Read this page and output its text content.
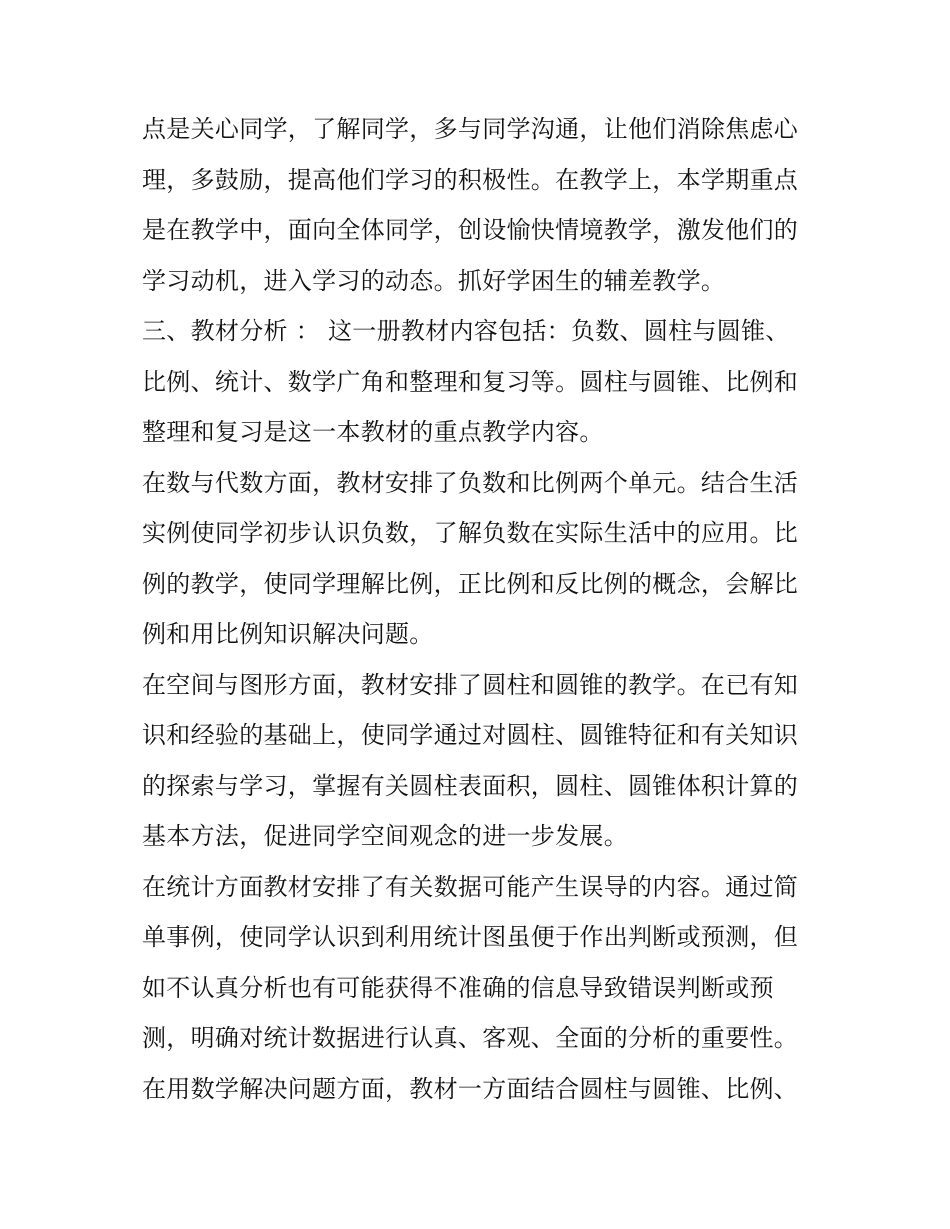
点是关心同学，了解同学，多与同学沟通，让他们消除焦虑心
理，多鼓励，提高他们学习的积极性。在教学上，本学期重点
是在教学中，面向全体同学，创设愉快情境教学，激发他们的
学习动机，进入学习的动态。抓好学困生的辅差教学。
三、教材分析 ： 这一册教材内容包括：负数、圆柱与圆锥、
比例、统计、数学广角和整理和复习等。圆柱与圆锥、比例和
整理和复习是这一本教材的重点教学内容。
在数与代数方面，教材安排了负数和比例两个单元。结合生活
实例使同学初步认识负数，了解负数在实际生活中的应用。比
例的教学，使同学理解比例，正比例和反比例的概念，会解比
例和用比例知识解决问题。
在空间与图形方面，教材安排了圆柱和圆锥的教学。在已有知
识和经验的基础上，使同学通过对圆柱、圆锥特征和有关知识
的探索与学习，掌握有关圆柱表面积，圆柱、圆锥体积计算的
基本方法，促进同学空间观念的进一步发展。
在统计方面教材安排了有关数据可能产生误导的内容。通过简
单事例，使同学认识到利用统计图虽便于作出判断或预测，但
如不认真分析也有可能获得不准确的信息导致错误判断或预
测，明确对统计数据进行认真、客观、全面的分析的重要性。
在用数学解决问题方面，教材一方面结合圆柱与圆锥、比例、
